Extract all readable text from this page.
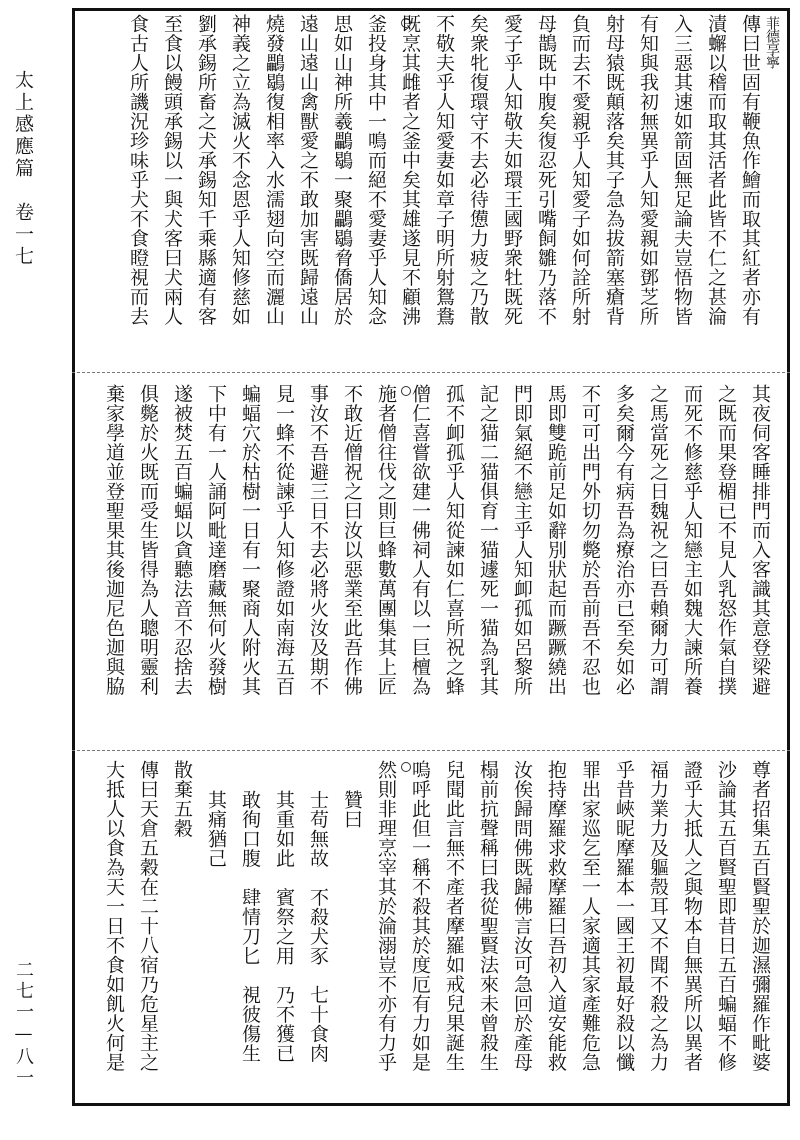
太上感應篇　卷一七
二七一—八一
菲德享寧
傳曰世固有鞭魚作鱠而取其紅者亦有
漬蠏以稽而取其活者此皆不仁之甚淪
入三惡其速如箭固無足論夫豈悟物皆
有知與我初無異乎人知愛親如鄧芝所
射母猿既顛落矣其子急為拔箭塞瘡背
負而去不愛親乎人知愛子如何詮所射
母鵲既中腹矣復忍死引嘴飼雛乃落不
愛子乎人知敬夫如環王國野衆牡既死
矣衆牝復環守不去必待憊力疲之乃散
不敬夫乎人知愛妻如章子明所射鴛鴦
既烹其雌者之釜中矣其雄遂見不顧沸
釜投身其中一鳴而絕不愛妻乎人知念
思如山神所羲鸓鶡一聚鸓鶡脅僑居於
遠山遠山禽獸愛之不敢加害既歸遠山
燒發鸓鶡復相率入水濡翅向空而灑山
神義之立為滅火不念恩乎人知修慈如
劉承錫所畜之犬承錫知千乘縣適有客
至食以饅頭承錫以一與犬客曰犬兩人
食古人所譏況珍味乎犬不食瞪視而去
其夜伺客睡排門而入客識其意登梁避
之既而果登楣已不見人乳怒作氣自撲
而死不修慈乎人知戀主如魏大諫所養
之馬當死之日魏祝之曰吾賴爾力可謂
多矣爾今有病吾為療治亦已至矣如必
不可可出門外切勿斃於吾前吾不忍也
馬即雙跪前足如辭別狀起而蹶蹶繞出
門即氣絕不戀主乎人知卹孤如呂黎所
記之猫二猫俱育一猫遽死一猫為乳其
孤不卹孤乎人知從諫如仁喜所祝之蜂
僧仁喜嘗欲建一佛祠人有以一巨檀為
施者僧往伐之則巨蜂數萬團集其上匠
不敢近僧祝之曰汝以惡業至此吾作佛
事汝不吾避三日不去必將火汝及期不
見一蜂不從諫乎人知修證如南海五百
蝙蝠穴於枯樹一日有一聚商人附火其
下中有一人誦阿毗達磨藏無何火發樹
遂被焚五百蝙蝠以貪聽法音不忍捨去
俱斃於火既而受生皆得為人聰明靈利
棄家學道並登聖果其後迦尼色迦與脇
尊者招集五百賢聖於迦濕彌羅作毗婆
沙論其五百賢聖即昔日五百蝙蝠不修
證乎大抵人之與物本自無異所以異者
福力業力及軀殼耳又不聞不殺之為力
乎昔峽昵摩羅本一國王初最好殺以懺
罪出家巡乞至一人家適其家產難危急
抱持摩羅求救摩羅曰吾初入道安能救
汝俟歸問佛既歸佛言汝可急回於產母
榻前抗聲稱曰我從聖賢法來未曾殺生
兒聞此言無不產者摩羅如戒兒果誕生
嗚呼此但一稱不殺其於度厄有力如是
然則非理烹宰其於淪溺豈不亦有力乎
贊曰
士苟無故　不殺犬豕　七十食肉
其重如此　賓祭之用　乃不獲已
敢徇口腹　肆情刀匕　視彼傷生
其痛猶己
散棄五穀
傳曰天倉五穀在二十八宿乃危星主之
大抵人以食為天一日不食如飢火何是
